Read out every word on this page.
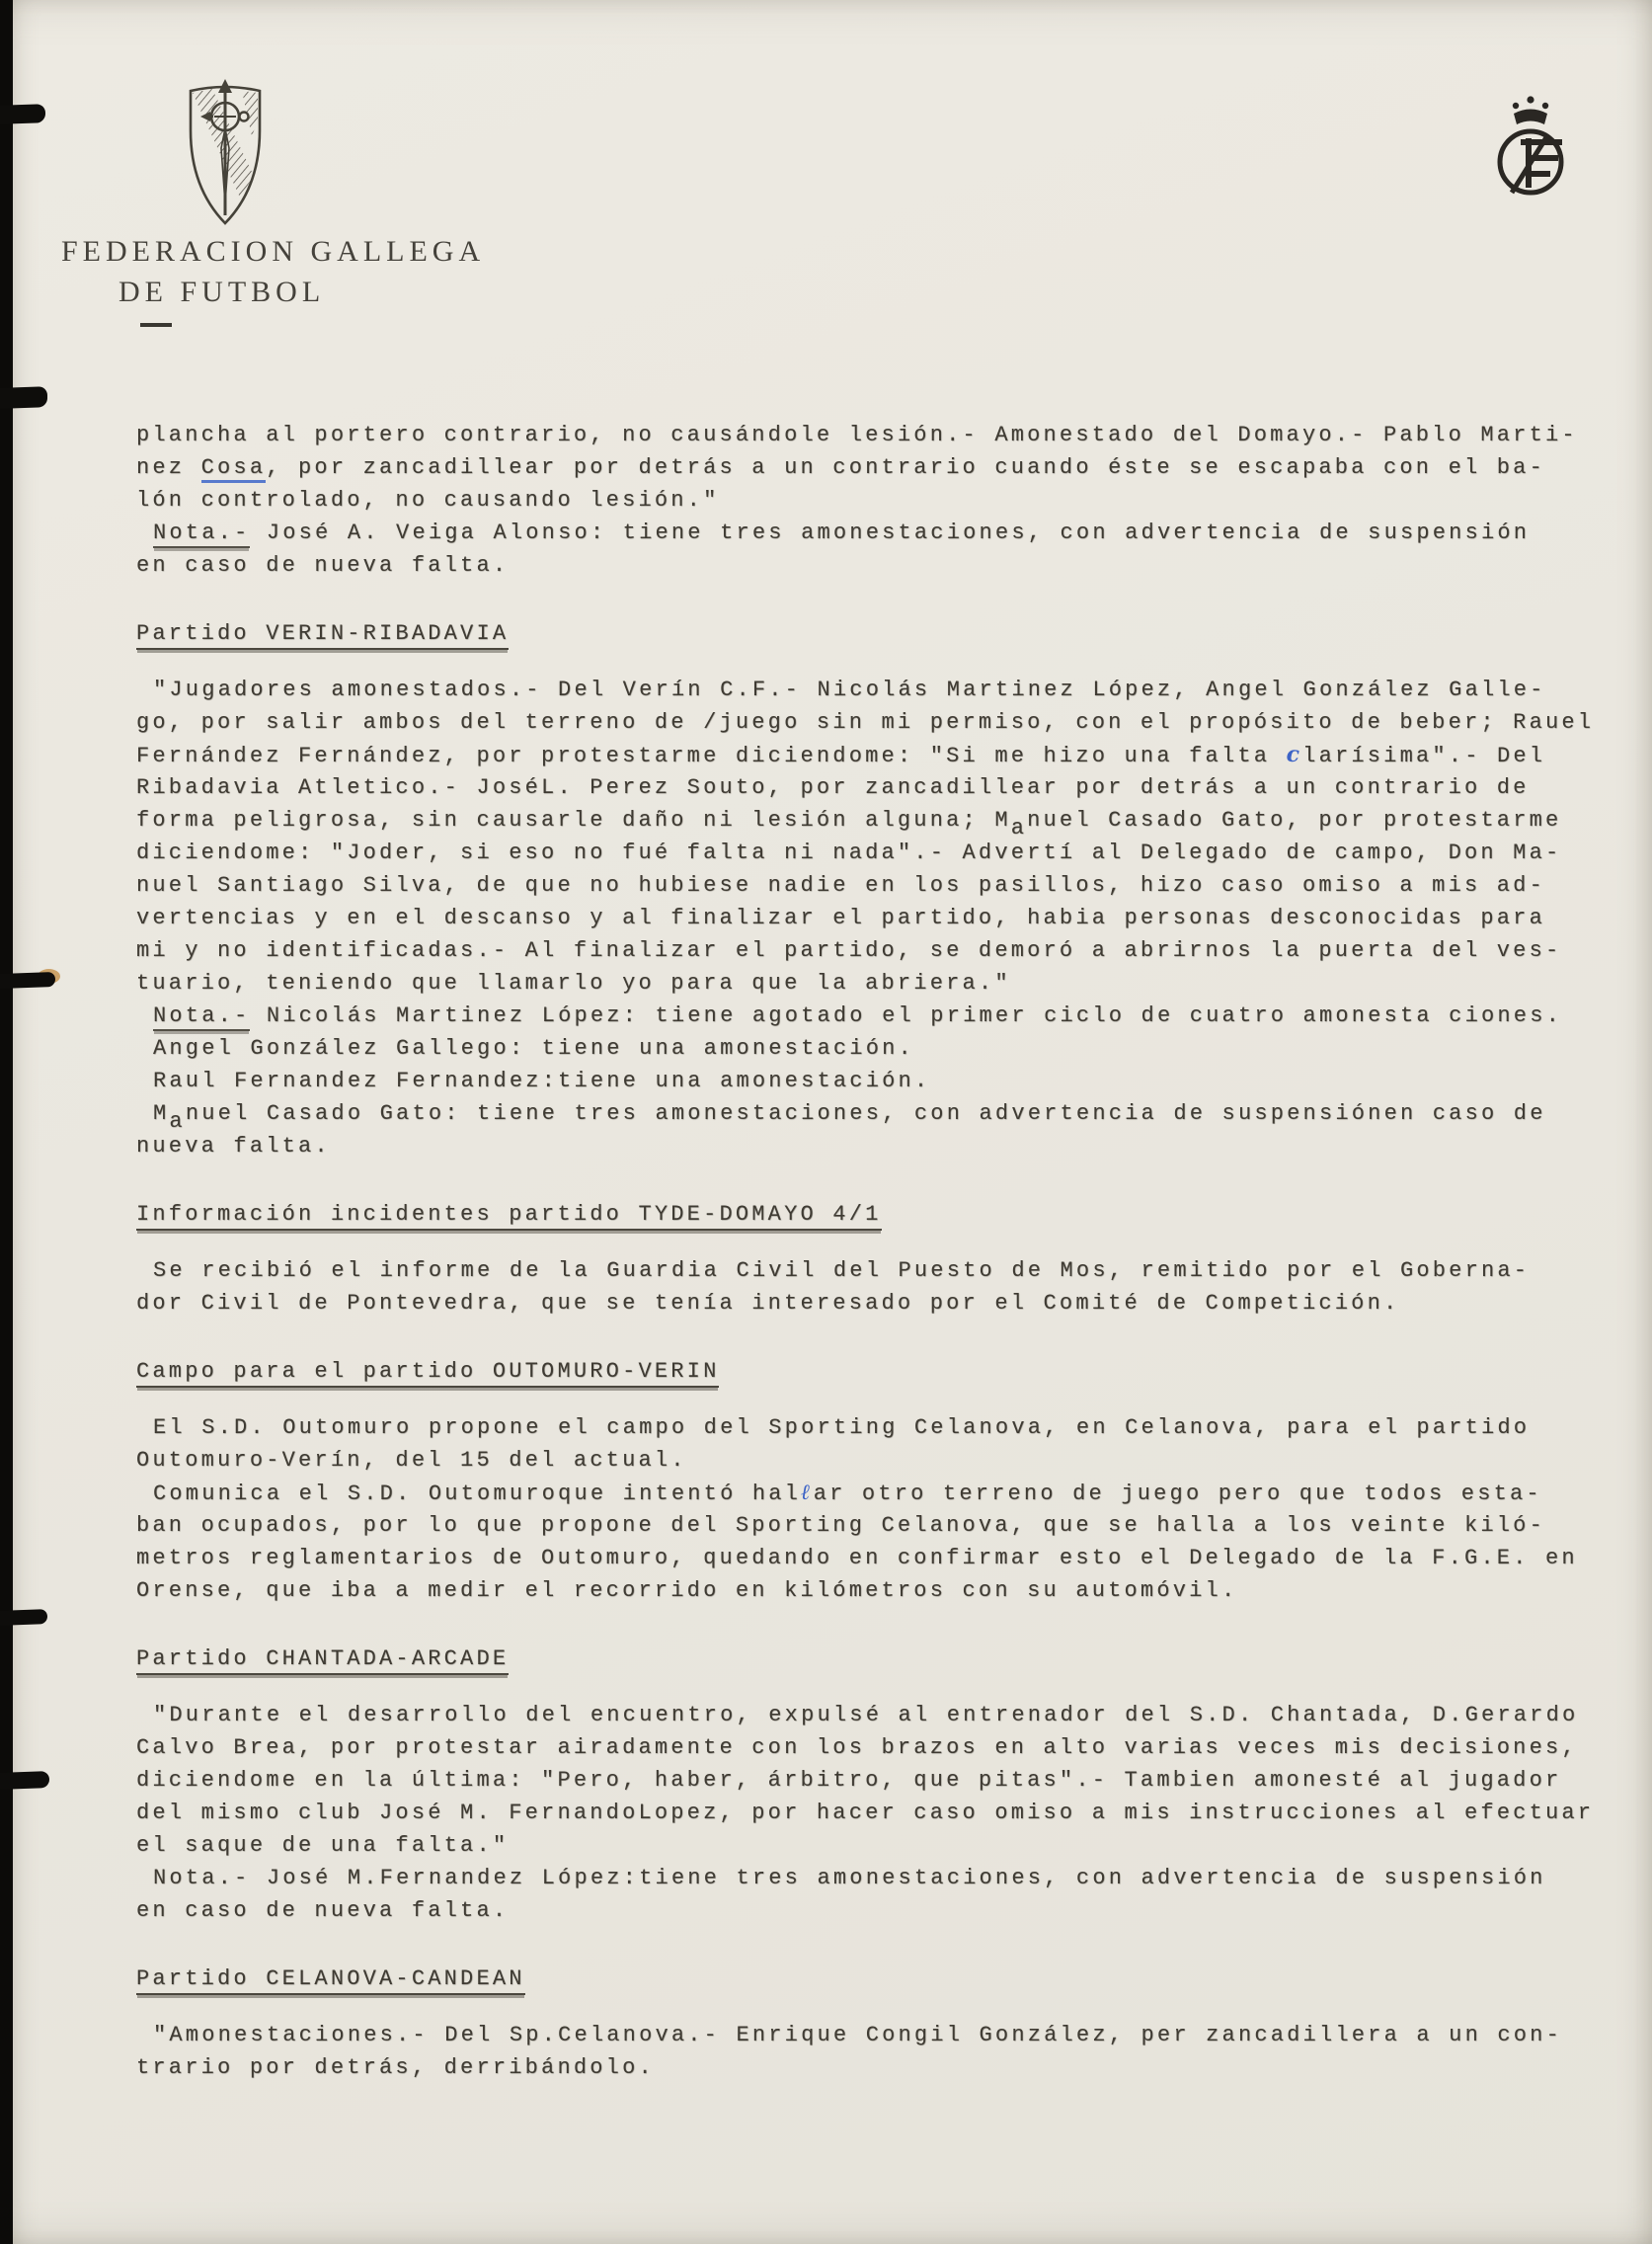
FEDERACION GALLEGA
DE FUTBOL
plancha al portero contrario, no causándole lesión.- Amonestado del Domayo.- Pablo Marti-
nez Cosa, por zancadillear por detrás a un contrario cuando éste se escapaba con el ba-
lón controlado, no causando lesión."
Nota.- José A. Veiga Alonso: tiene tres amonestaciones, con advertencia de suspensión
en caso de nueva falta.
Partido VERIN-RIBADAVIA
"Jugadores amonestados.- Del Verín C.F.- Nicolás Martinez López, Angel González Galle-
go, por salir ambos del terreno de /juego sin mi permiso, con el propósito de beber; Rauel
Fernández Fernández, por protestarme diciendome: "Si me hizo una falta clarísima".- Del
Ribadavia Atletico.- JoséL. Perez Souto, por zancadillear por detrás a un contrario de
forma peligrosa, sin causarle daño ni lesión alguna; Manuel Casado Gato, por protestarme
diciendome: "Joder, si eso no fué falta ni nada".- Advertí al Delegado de campo, Don Ma-
nuel Santiago Silva, de que no hubiese nadie en los pasillos, hizo caso omiso a mis ad-
vertencias y en el descanso y al finalizar el partido, habia personas desconocidas para
mi y no identificadas.- Al finalizar el partido, se demoró a abrirnos la puerta del ves-
tuario, teniendo que llamarlo yo para que la abriera."
Nota.- Nicolás Martinez López: tiene agotado el primer ciclo de cuatro amonesta ciones.
Angel González Gallego: tiene una amonestación.
Raul Fernandez Fernandez:tiene una amonestación.
Manuel Casado Gato: tiene tres amonestaciones, con advertencia de suspensiónen caso de
nueva falta.
Información incidentes partido TYDE-DOMAYO 4/1
Se recibió el informe de la Guardia Civil del Puesto de Mos, remitido por el Goberna-
dor Civil de Pontevedra, que se tenía interesado por el Comité de Competición.
Campo para el partido OUTOMURO-VERIN
El S.D. Outomuro propone el campo del Sporting Celanova, en Celanova, para el partido
Outomuro-Verín, del 15 del actual.
Comunica el S.D. Outomuroque intentó halℓar otro terreno de juego pero que todos esta-
ban ocupados, por lo que propone del Sporting Celanova, que se halla a los veinte kiló-
metros reglamentarios de Outomuro, quedando en confirmar esto el Delegado de la F.G.E. en
Orense, que iba a medir el recorrido en kilómetros con su automóvil.
Partido CHANTADA-ARCADE
"Durante el desarrollo del encuentro, expulsé al entrenador del S.D. Chantada, D.Gerardo
Calvo Brea, por protestar airadamente con los brazos en alto varias veces mis decisiones,
diciendome en la última: "Pero, haber, árbitro, que pitas".- Tambien amonesté al jugador
del mismo club José M. FernandoLopez, por hacer caso omiso a mis instrucciones al efectuar
el saque de una falta."
Nota.- José M.Fernandez López:tiene tres amonestaciones, con advertencia de suspensión
en caso de nueva falta.
Partido CELANOVA-CANDEAN
"Amonestaciones.- Del Sp.Celanova.- Enrique Congil González, per zancadillera a un con-
trario por detrás, derribándolo.
